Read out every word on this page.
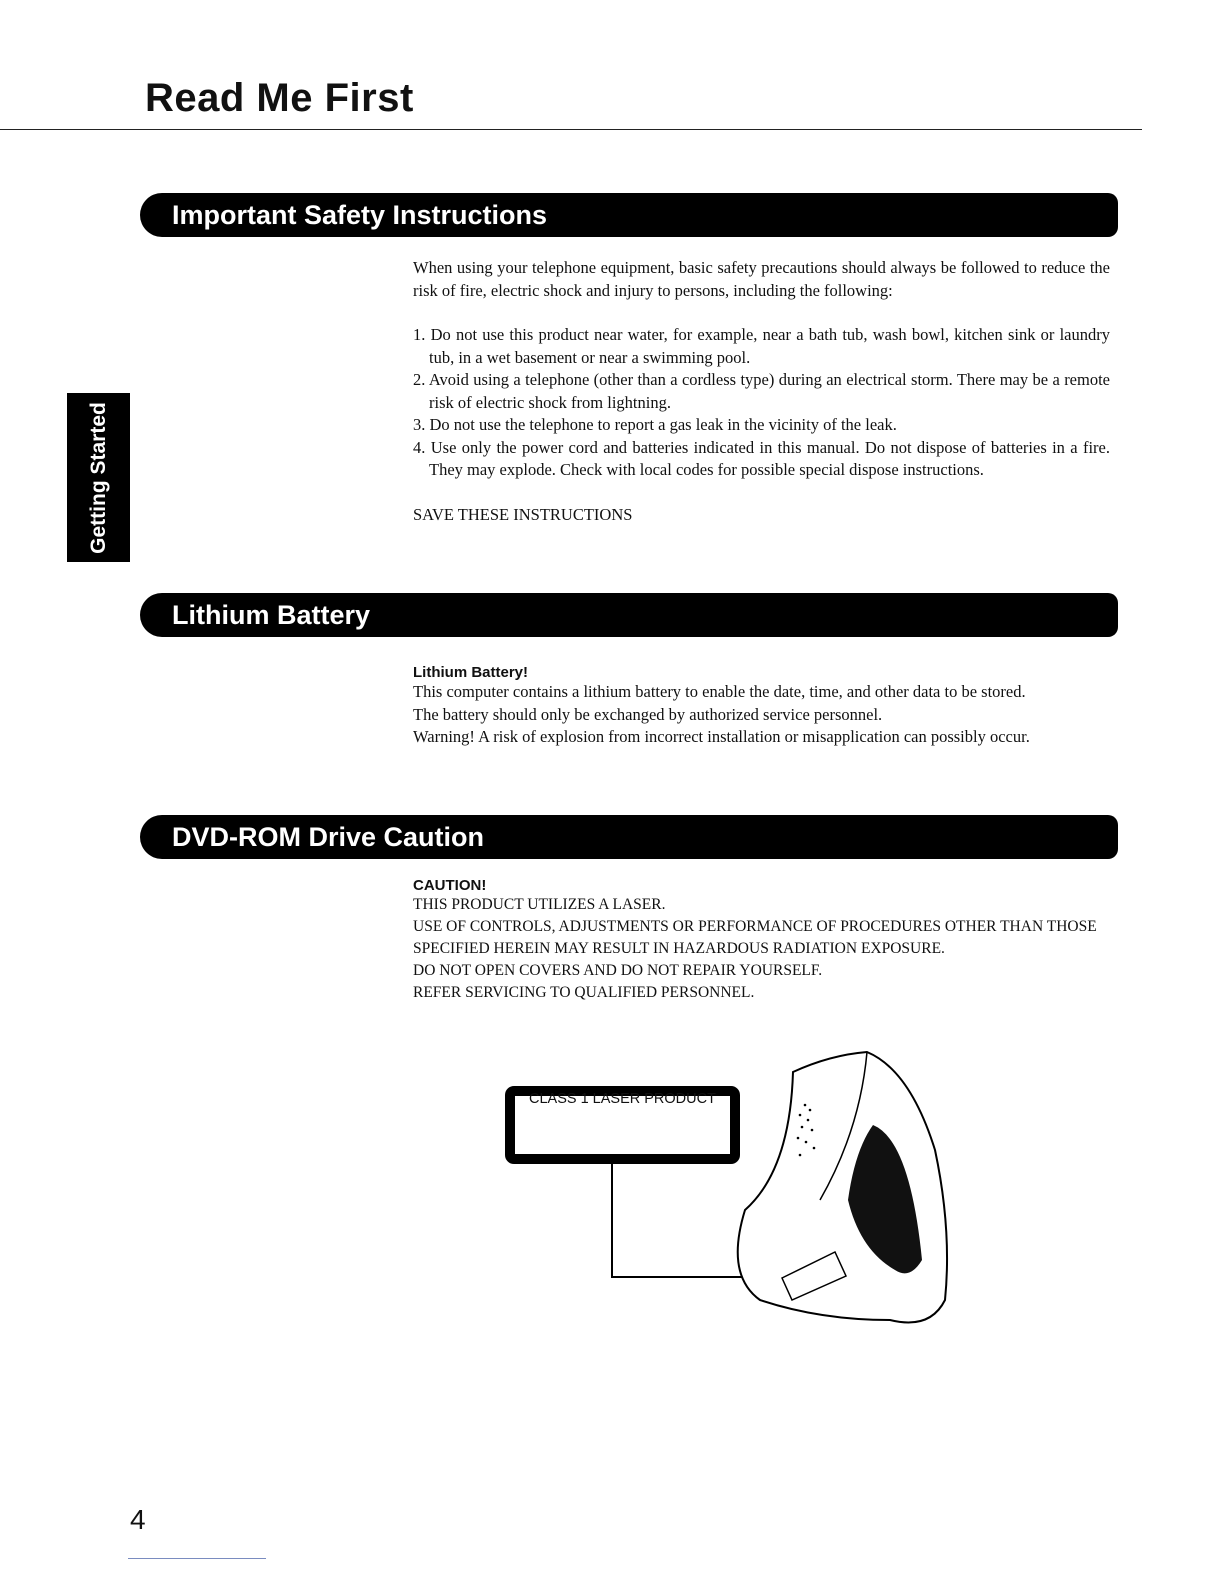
Read Me First
Getting Started
Important Safety Instructions

When using your telephone equipment, basic safety precautions should always be followed to reduce the risk of fire, electric shock and injury to persons, including the following:

1. Do not use this product near water, for example, near a bath tub, wash bowl, kitchen sink or laundry tub, in a wet basement or near a swimming pool.

2. Avoid using a telephone (other than a cordless type) during an electrical storm. There may be a remote risk of electric shock from lightning.

3. Do not use the telephone to report a gas leak in the vicinity of the leak.

4. Use only the power cord and batteries indicated in this manual. Do not dispose of batteries in a fire. They may explode. Check with local codes for possible special dispose instructions.

SAVE THESE INSTRUCTIONS

Lithium Battery

Lithium Battery!

This computer contains a lithium battery to enable the date, time, and other data to be stored.

The battery should only be exchanged by authorized service personnel.

Warning! A risk of explosion from incorrect installation or misapplication can possibly occur.

DVD-ROM Drive Caution

CAUTION!

THIS PRODUCT UTILIZES A LASER.

USE OF CONTROLS, ADJUSTMENTS OR PERFORMANCE OF PROCEDURES OTHER THAN THOSE SPECIFIED HEREIN MAY RESULT IN HAZARDOUS RADIATION EXPOSURE.

DO NOT OPEN COVERS AND DO NOT REPAIR YOURSELF.

REFER SERVICING TO QUALIFIED PERSONNEL.

CLASS 1 LASER PRODUCT
4
